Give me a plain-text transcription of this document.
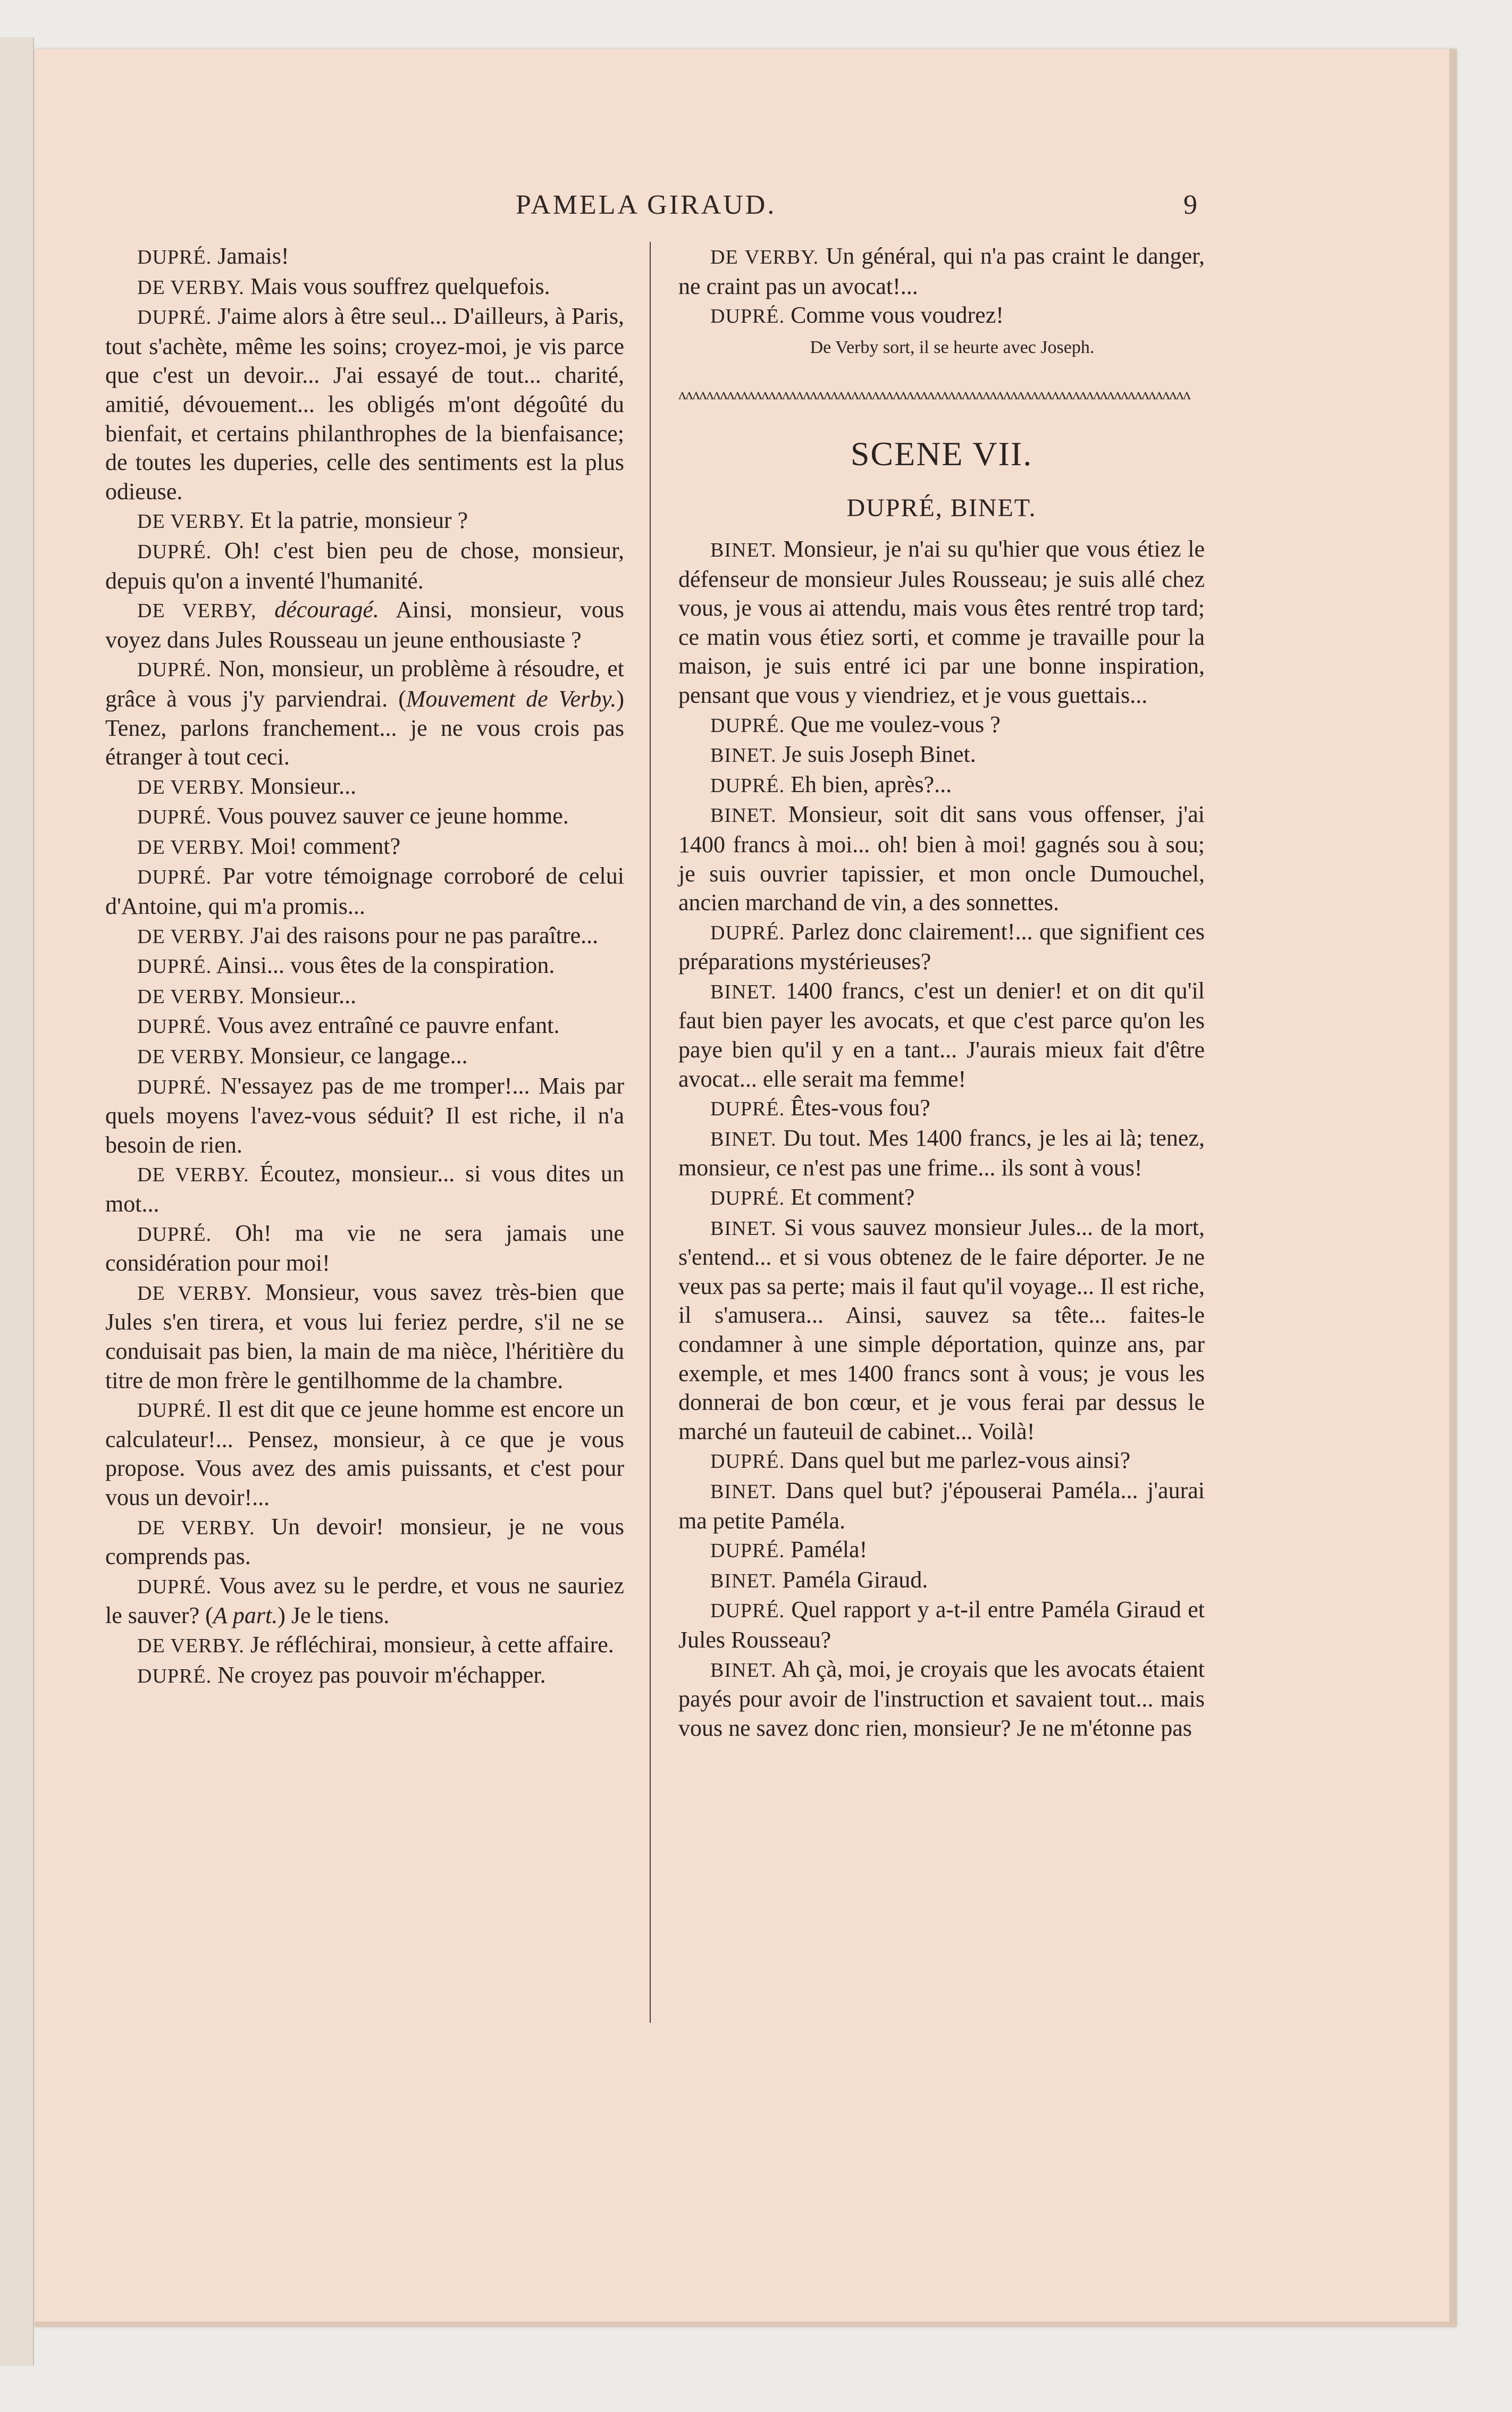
PAMELA GIRAUD.	9

DUPRÉ. Jamais!

DE VERBY. Mais vous souffrez quelquefois.

DUPRÉ. J'aime alors à être seul... D'ailleurs, à Paris, tout s'achète, même les soins; croyez-moi, je vis parce que c'est un devoir... J'ai essayé de tout... charité, amitié, dévouement... les obligés m'ont dégoûté du bienfait, et certains philanthrophes de la bienfaisance; de toutes les duperies, celle des sentiments est la plus odieuse.

DE VERBY. Et la patrie, monsieur ?

DUPRÉ. Oh! c'est bien peu de chose, monsieur, depuis qu'on a inventé l'humanité.

DE VERBY, découragé. Ainsi, monsieur, vous voyez dans Jules Rousseau un jeune enthousiaste ?

DUPRÉ. Non, monsieur, un problème à résoudre, et grâce à vous j'y parviendrai. (Mouvement de Verby.) Tenez, parlons franchement... je ne vous crois pas étranger à tout ceci.

DE VERBY. Monsieur...

DUPRÉ. Vous pouvez sauver ce jeune homme.

DE VERBY. Moi! comment?

DUPRÉ. Par votre témoignage corroboré de celui d'Antoine, qui m'a promis...

DE VERBY. J'ai des raisons pour ne pas paraître...

DUPRÉ. Ainsi... vous êtes de la conspiration.

DE VERBY. Monsieur...

DUPRÉ. Vous avez entraîné ce pauvre enfant.

DE VERBY. Monsieur, ce langage...

DUPRÉ. N'essayez pas de me tromper!... Mais par quels moyens l'avez-vous séduit? Il est riche, il n'a besoin de rien.

DE VERBY. Écoutez, monsieur... si vous dites un mot...

DUPRÉ. Oh! ma vie ne sera jamais une considération pour moi!

DE VERBY. Monsieur, vous savez très-bien que Jules s'en tirera, et vous lui feriez perdre, s'il ne se conduisait pas bien, la main de ma nièce, l'héritière du titre de mon frère le gentilhomme de la chambre.

DUPRÉ. Il est dit que ce jeune homme est encore un calculateur!... Pensez, monsieur, à ce que je vous propose. Vous avez des amis puissants, et c'est pour vous un devoir!...

DE VERBY. Un devoir! monsieur, je ne vous comprends pas.

DUPRÉ. Vous avez su le perdre, et vous ne sauriez le sauver? (A part.) Je le tiens.

DE VERBY. Je réfléchirai, monsieur, à cette affaire.

DUPRÉ. Ne croyez pas pouvoir m'échapper.

DE VERBY. Un général, qui n'a pas craint le danger, ne craint pas un avocat!...

DUPRÉ. Comme vous voudrez!

De Verby sort, il se heurte avec Joseph.

ʌʌʌʌʌʌʌʌʌʌʌʌʌʌʌʌʌʌʌʌʌʌʌʌʌʌʌʌʌʌʌʌʌʌʌʌʌʌʌʌʌʌʌʌʌʌʌʌʌʌʌʌʌʌʌʌʌʌʌʌʌʌʌʌʌʌʌʌʌʌʌʌʌʌ
SCENE VII.
DUPRÉ, BINET.

BINET. Monsieur, je n'ai su qu'hier que vous étiez le défenseur de monsieur Jules Rousseau; je suis allé chez vous, je vous ai attendu, mais vous êtes rentré trop tard; ce matin vous étiez sorti, et comme je travaille pour la maison, je suis entré ici par une bonne inspiration, pensant que vous y viendriez, et je vous guettais...

DUPRÉ. Que me voulez-vous ?

BINET. Je suis Joseph Binet.

DUPRÉ. Eh bien, après?...

BINET. Monsieur, soit dit sans vous offenser, j'ai 1400 francs à moi... oh! bien à moi! gagnés sou à sou; je suis ouvrier tapissier, et mon oncle Dumouchel, ancien marchand de vin, a des sonnettes.

DUPRÉ. Parlez donc clairement!... que signifient ces préparations mystérieuses?

BINET. 1400 francs, c'est un denier! et on dit qu'il faut bien payer les avocats, et que c'est parce qu'on les paye bien qu'il y en a tant... J'aurais mieux fait d'être avocat... elle serait ma femme!

DUPRÉ. Êtes-vous fou?

BINET. Du tout. Mes 1400 francs, je les ai là; tenez, monsieur, ce n'est pas une frime... ils sont à vous!

DUPRÉ. Et comment?

BINET. Si vous sauvez monsieur Jules... de la mort, s'entend... et si vous obtenez de le faire déporter. Je ne veux pas sa perte; mais il faut qu'il voyage... Il est riche, il s'amusera... Ainsi, sauvez sa tête... faites-le condamner à une simple déportation, quinze ans, par exemple, et mes 1400 francs sont à vous; je vous les donnerai de bon cœur, et je vous ferai par dessus le marché un fauteuil de cabinet... Voilà!

DUPRÉ. Dans quel but me parlez-vous ainsi?

BINET. Dans quel but? j'épouserai Paméla... j'aurai ma petite Paméla.

DUPRÉ. Paméla!

BINET. Paméla Giraud.

DUPRÉ. Quel rapport y a-t-il entre Paméla Giraud et Jules Rousseau?

BINET. Ah çà, moi, je croyais que les avocats étaient payés pour avoir de l'instruction et savaient tout... mais vous ne savez donc rien, monsieur? Je ne m'étonne pas
